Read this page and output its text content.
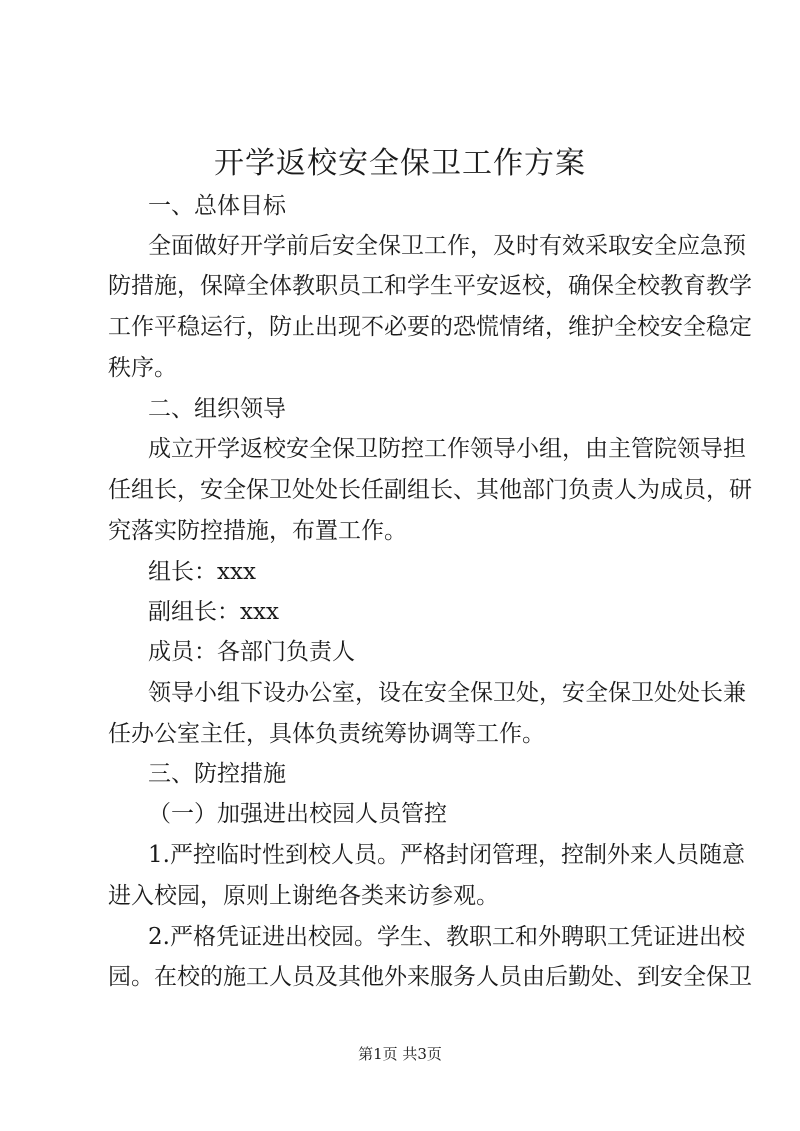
开学返校安全保卫工作方案
一、总体目标
全面做好开学前后安全保卫工作，及时有效采取安全应急预
防措施，保障全体教职员工和学生平安返校，确保全校教育教学
工作平稳运行，防止出现不必要的恐慌情绪，维护全校安全稳定
秩序。
二、组织领导
成立开学返校安全保卫防控工作领导小组，由主管院领导担
任组长，安全保卫处处长任副组长、其他部门负责人为成员，研
究落实防控措施，布置工作。
组长：xxx
副组长：xxx
成员：各部门负责人
领导小组下设办公室，设在安全保卫处，安全保卫处处长兼
任办公室主任，具体负责统筹协调等工作。
三、防控措施
（一）加强进出校园人员管控
1.严控临时性到校人员。严格封闭管理，控制外来人员随意
进入校园，原则上谢绝各类来访参观。
2.严格凭证进出校园。学生、教职工和外聘职工凭证进出校
园。在校的施工人员及其他外来服务人员由后勤处、到安全保卫
第1页 共3页
